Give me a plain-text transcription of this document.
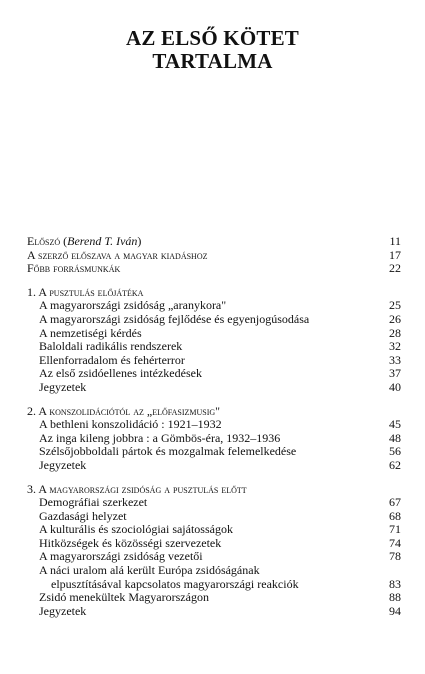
AZ ELSŐ KÖTET
TARTALMA
Előszó (Berend T. Iván)	11
A szerző előszava a magyar kiadáshoz	17
Főbb forrásmunkák	22
1. A pusztulás előjátéka
A magyarországi zsidóság „aranykora"	25
A magyarországi zsidóság fejlődése és egyenjogúsodása	26
A nemzetiségi kérdés	28
Baloldali radikális rendszerek	32
Ellenforradalom és fehérterror	33
Az első zsidóellenes intézkedések	37
Jegyzetek	40
2. A konszolidációtól az „előfasizmusig"
A bethleni konszolidáció : 1921–1932	45
Az inga kileng jobbra : a Gömbös-éra, 1932–1936	48
Szélsőjobboldali pártok és mozgalmak felemelkedése	56
Jegyzetek	62
3. A magyarországi zsidóság a pusztulás előtt
Demográfiai szerkezet	67
Gazdasági helyzet	68
A kulturális és szociológiai sajátosságok	71
Hitközségek és közösségi szervezetek	74
A magyarországi zsidóság vezetői	78
A náci uralom alá került Európa zsidóságának
elpusztításával kapcsolatos magyarországi reakciók	83
Zsidó menekültek Magyarországon	88
Jegyzetek	94
